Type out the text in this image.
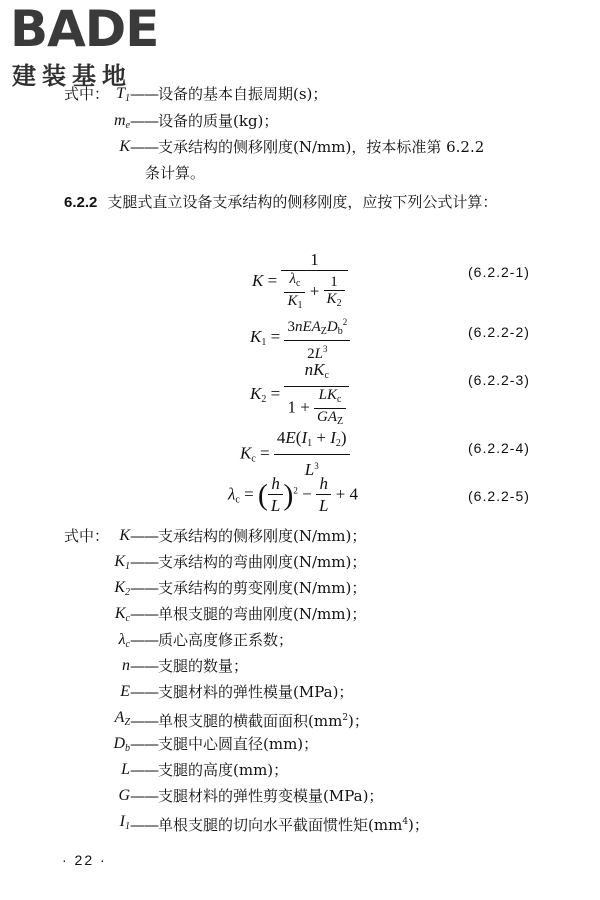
BADE
建装基地
式中： $T_1$ ——设备的基本自振周期(s)；
$m_e$ ——设备的质量(kg)；
K ——支承结构的侧移刚度(N/mm)，按本标准第 6.2.2
条计算。
6.2.2 支腿式直立设备支承结构的侧移刚度，应按下列公式计算：
$K = \frac{1}{\frac{\lambda_c}{K_1} + \frac{1}{K_2}}$	(6.2.2-1)
$K_1 = \frac{3nEA_ZD_b^2}{2L^3}$	(6.2.2-2)
$K_2 = \frac{nK_c}{1 + \frac{LK_c}{GA_Z}}$	(6.2.2-3)
$K_c = \frac{4E(I_1 + I_2)}{L^3}$	(6.2.2-4)
$\lambda_c$ = ( $\frac{h}{L} )^2 - \frac{h}{L} + 4$	(6.2.2-5)
式中： K ——支承结构的侧移刚度(N/mm)；
$K_1$ ——支承结构的弯曲刚度(N/mm)；
$K_2$ ——支承结构的剪变刚度(N/mm)；
$K_c$ ——单根支腿的弯曲刚度(N/mm)；
$\lambda_c$ ——质心高度修正系数；
n ——支腿的数量；
E ——支腿材料的弹性模量(MPa)；
$A_Z$ ——单根支腿的横截面面积$(mm^2)$；
$D_b$ ——支腿中心圆直径(mm)；
L ——支腿的高度(mm)；
G ——支腿材料的弹性剪变模量(MPa)；
$I_1$ ——单根支腿的切向水平截面惯性矩$(mm^4)$；
· 22 ·
